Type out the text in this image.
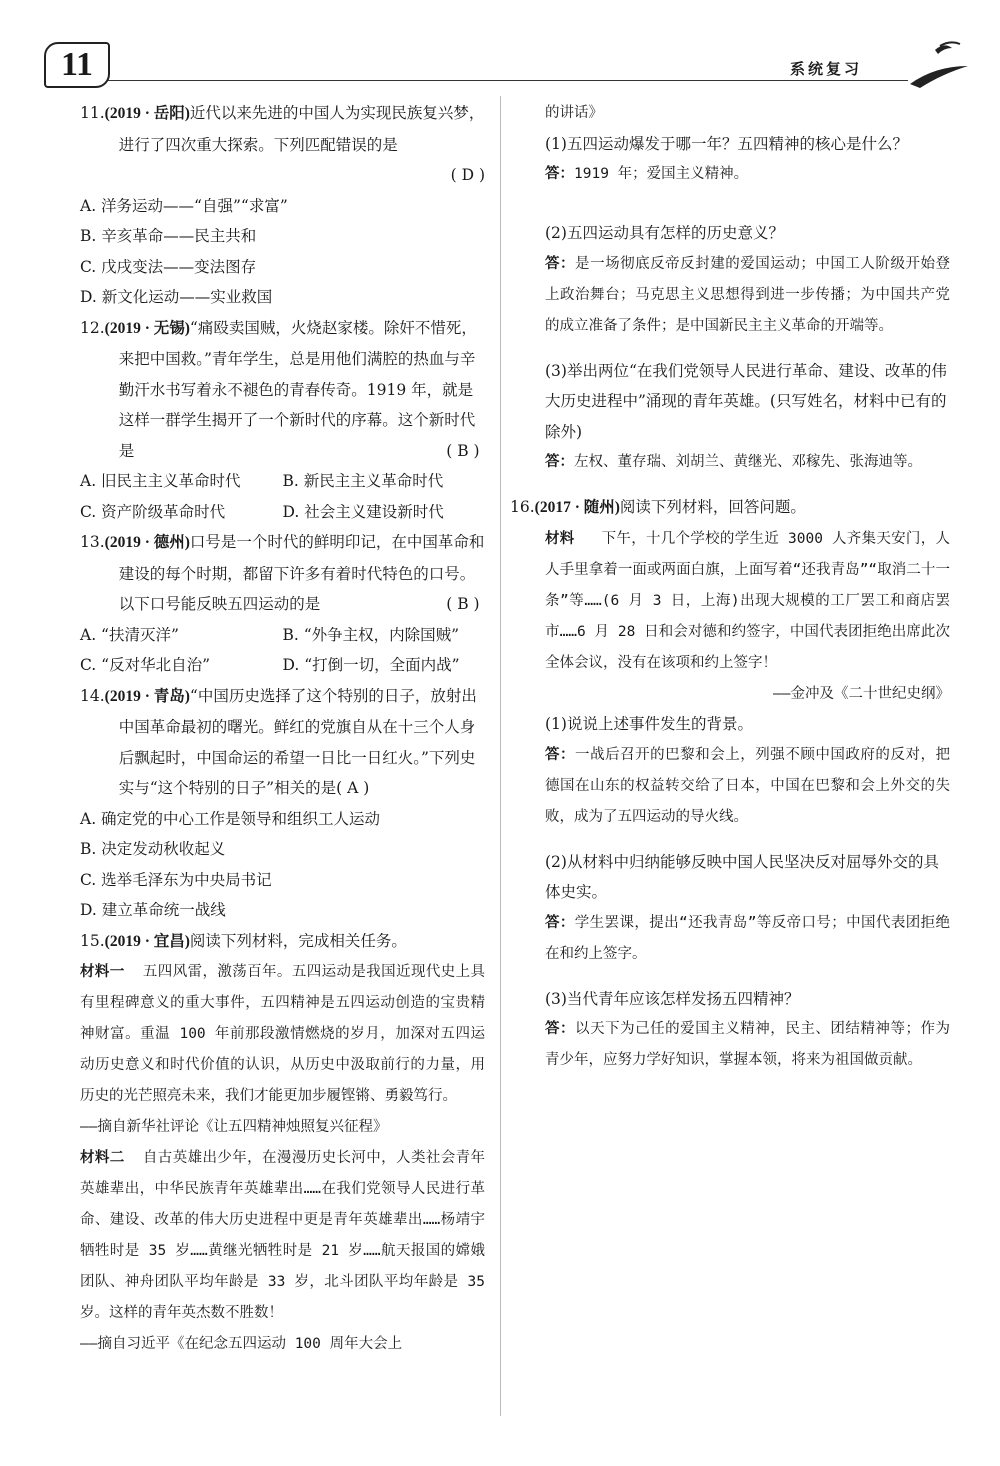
11	系统复习
11.(2019 · 岳阳)近代以来先进的中国人为实现民族复兴梦，进行了四次重大探索。下列匹配错误的是
( D )
A. 洋务运动——“自强”“求富”
B. 辛亥革命——民主共和
C. 戊戌变法——变法图存
D. 新文化运动——实业救国
12.(2019 · 无锡)“痛殴卖国贼，火烧赵家楼。除奸不惜死，来把中国救。”青年学生，总是用他们满腔的热血与辛勤汗水书写着永不褪色的青春传奇。1919 年，就是这样一群学生揭开了一个新时代的序幕。这个新时代是	( B )
A. 旧民主主义革命时代	B. 新民主主义革命时代
C. 资产阶级革命时代	D. 社会主义建设新时代
13.(2019 · 德州)口号是一个时代的鲜明印记，在中国革命和建设的每个时期，都留下许多有着时代特色的口号。以下口号能反映五四运动的是	( B )
A. “扶清灭洋”	B. “外争主权，内除国贼”
C. “反对华北自治”	D. “打倒一切，全面内战”
14.(2019 · 青岛)“中国历史选择了这个特别的日子，放射出中国革命最初的曙光。鲜红的党旗自从在十三个人身后飘起时，中国命运的希望一日比一日红火。”下列史实与“这个特别的日子”相关的是( A )
A. 确定党的中心工作是领导和组织工人运动
B. 决定发动秋收起义
C. 选举毛泽东为中央局书记
D. 建立革命统一战线
15.(2019 · 宜昌)阅读下列材料，完成相关任务。
材料一 五四风雷，激荡百年。五四运动是我国近现代史上具有里程碑意义的重大事件，五四精神是五四运动创造的宝贵精神财富。重温 100 年前那段激情燃烧的岁月，加深对五四运动历史意义和时代价值的认识，从历史中汲取前行的力量，用历史的光芒照亮未来，我们才能更加步履铿锵、勇毅笃行。
——摘自新华社评论《让五四精神烛照复兴征程》
材料二 自古英雄出少年，在漫漫历史长河中，人类社会青年英雄辈出，中华民族青年英雄辈出……在我们党领导人民进行革命、建设、改革的伟大历史进程中更是青年英雄辈出……杨靖宇牺牲时是 35 岁……黄继光牺牲时是 21 岁……航天报国的嫦娥团队、神舟团队平均年龄是 33 岁，北斗团队平均年龄是 35 岁。这样的青年英杰数不胜数！
——摘自习近平《在纪念五四运动 100 周年大会上
的讲话》
(1)五四运动爆发于哪一年？五四精神的核心是什么？
答：1919 年；爱国主义精神。
(2)五四运动具有怎样的历史意义？
答：是一场彻底反帝反封建的爱国运动；中国工人阶级开始登上政治舞台；马克思主义思想得到进一步传播；为中国共产党的成立准备了条件；是中国新民主主义革命的开端等。
(3)举出两位“在我们党领导人民进行革命、建设、改革的伟大历史进程中”涌现的青年英雄。(只写姓名，材料中已有的除外)
答：左权、董存瑞、刘胡兰、黄继光、邓稼先、张海迪等。
16.(2017 · 随州)阅读下列材料，回答问题。
材料 下午，十几个学校的学生近 3000 人齐集天安门，人人手里拿着一面或两面白旗，上面写着“还我青岛”“取消二十一条”等……(6 月 3 日，上海)出现大规模的工厂罢工和商店罢市……6 月 28 日和会对德和约签字，中国代表团拒绝出席此次全体会议，没有在该项和约上签字！
——金冲及《二十世纪史纲》
(1)说说上述事件发生的背景。
答：一战后召开的巴黎和会上，列强不顾中国政府的反对，把德国在山东的权益转交给了日本，中国在巴黎和会上外交的失败，成为了五四运动的导火线。
(2)从材料中归纳能够反映中国人民坚决反对屈辱外交的具体史实。
答：学生罢课，提出“还我青岛”等反帝口号；中国代表团拒绝在和约上签字。
(3)当代青年应该怎样发扬五四精神？
答：以天下为己任的爱国主义精神，民主、团结精神等；作为青少年，应努力学好知识，掌握本领，将来为祖国做贡献。
